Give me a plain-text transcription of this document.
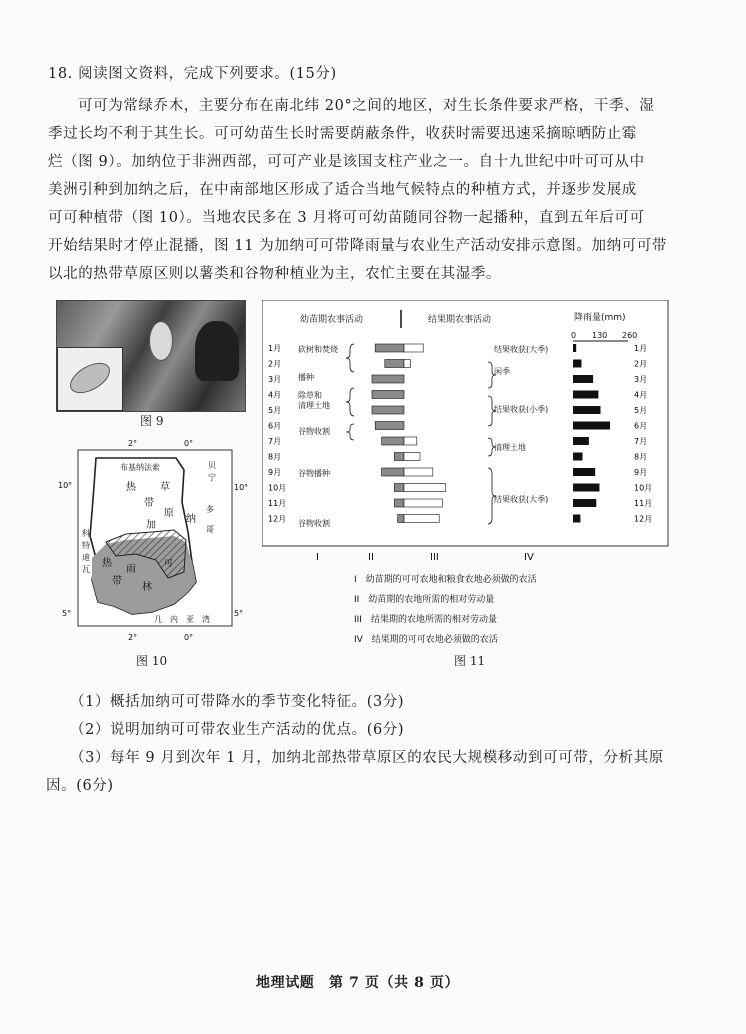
18. 阅读图文资料，完成下列要求。(15分)
可可为常绿乔木，主要分布在南北纬 20°之间的地区，对生长条件要求严格，干季、湿
季过长均不利于其生长。可可幼苗生长时需要荫蔽条件，收获时需要迅速采摘晾晒防止霉
烂（图 9）。加纳位于非洲西部，可可产业是该国支柱产业之一。自十九世纪中叶可可从中
美洲引种到加纳之后，在中南部地区形成了适合当地气候特点的种植方式，并逐步发展成
可可种植带（图 10）。当地农民多在 3 月将可可幼苗随同谷物一起播种，直到五年后可可
开始结果时才停止混播，图 11 为加纳可可带降雨量与农业生产活动安排示意图。加纳可可带
以北的热带草原区则以薯类和谷物种植业为主，农忙主要在其湿季。
图 9
布基纳法索
热
带
草
原
加
纳
热
带
雨
林
可
科
特
迪
瓦
多
哥
贝
宁
几　内　亚　湾
2°	0°
2°	0°
10°	10°
5°	5°
图 10
幼苗期农事活动	结果期农事活动	降雨量(mm)
0 130 260
1月	1月
2月	2月
3月	3月
4月	4月
5月	5月
6月	6月
7月	7月
8月	8月
9月	9月
10月	10月
11月	11月
12月	12月
砍树和焚烧
播种
除草和
清理土地
谷物收割
谷物播种
谷物收割
结果收获(大季)
闲季
结果收获(小季)
清理土地
结果收获(大季)
I	II	III	IV
I　幼苗期的可可农地和粮食农地必须做的农活
II　幼苗期的农地所需的相对劳动量
III　结果期的农地所需的相对劳动量
IV　结果期的可可农地必须做的农活
图 11
（1）概括加纳可可带降水的季节变化特征。(3分)
（2）说明加纳可可带农业生产活动的优点。(6分)
（3）每年 9 月到次年 1 月，加纳北部热带草原区的农民大规模移动到可可带，分析其原
因。(6分)
地理试题　第 7 页（共 8 页）
